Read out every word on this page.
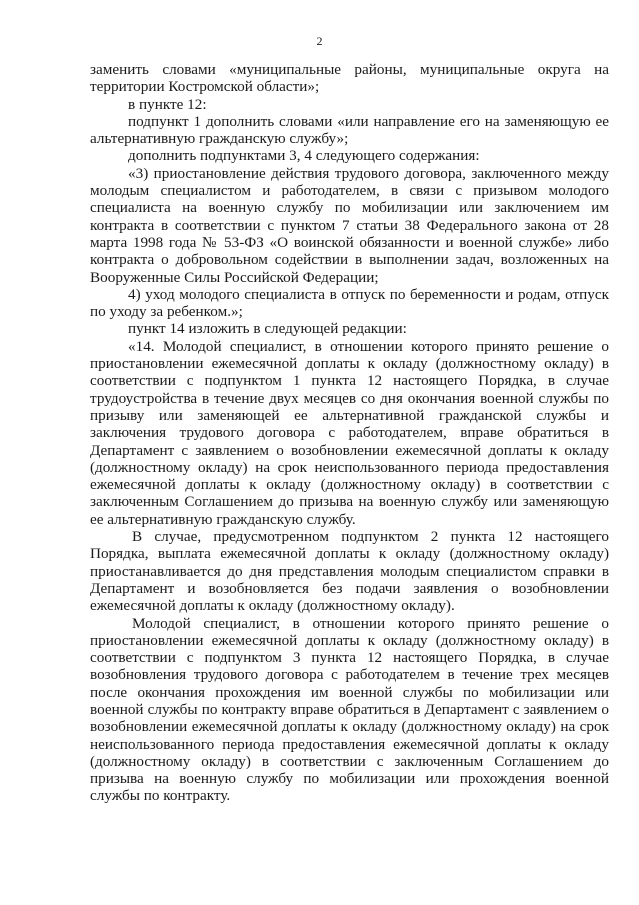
2

заменить словами «муниципальные районы, муниципальные округа на территории Костромской области»;

в пункте 12:

подпункт 1 дополнить словами «или направление его на заменяющую ее альтернативную гражданскую службу»;

дополнить подпунктами 3, 4 следующего содержания:

«3) приостановление действия трудового договора, заключенного между молодым специалистом и работодателем, в связи с призывом молодого специалиста на военную службу по мобилизации или заключением им контракта в соответствии с пунктом 7 статьи 38 Федерального закона от 28 марта 1998 года № 53-ФЗ «О воинской обязанности и военной службе» либо контракта о добровольном содействии в выполнении задач, возложенных на Вооруженные Силы Российской Федерации;

4) уход молодого специалиста в отпуск по беременности и родам, отпуск по уходу за ребенком.»;

пункт 14 изложить в следующей редакции:

«14. Молодой специалист, в отношении которого принято решение о приостановлении ежемесячной доплаты к окладу (должностному окладу) в соответствии с подпунктом 1 пункта 12 настоящего Порядка, в случае трудоустройства в течение двух месяцев со дня окончания военной службы по призыву или заменяющей ее альтернативной гражданской службы и заключения трудового договора с работодателем, вправе обратиться в Департамент с заявлением о возобновлении ежемесячной доплаты к окладу (должностному окладу) на срок неиспользованного периода предоставления ежемесячной доплаты к окладу (должностному окладу) в соответствии с заключенным Соглашением до призыва на военную службу или заменяющую ее альтернативную гражданскую службу.

В случае, предусмотренном подпунктом 2 пункта 12 настоящего Порядка, выплата ежемесячной доплаты к окладу (должностному окладу) приостанавливается до дня представления молодым специалистом справки в Департамент и возобновляется без подачи заявления о возобновлении ежемесячной доплаты к окладу (должностному окладу).

Молодой специалист, в отношении которого принято решение о приостановлении ежемесячной доплаты к окладу (должностному окладу) в соответствии с подпунктом 3 пункта 12 настоящего Порядка, в случае возобновления трудового договора с работодателем в течение трех месяцев после окончания прохождения им военной службы по мобилизации или военной службы по контракту вправе обратиться в Департамент с заявлением о возобновлении ежемесячной доплаты к окладу (должностному окладу) на срок неиспользованного периода предоставления ежемесячной доплаты к окладу (должностному окладу) в соответствии с заключенным Соглашением до призыва на военную службу по мобилизации или прохождения военной службы по контракту.
